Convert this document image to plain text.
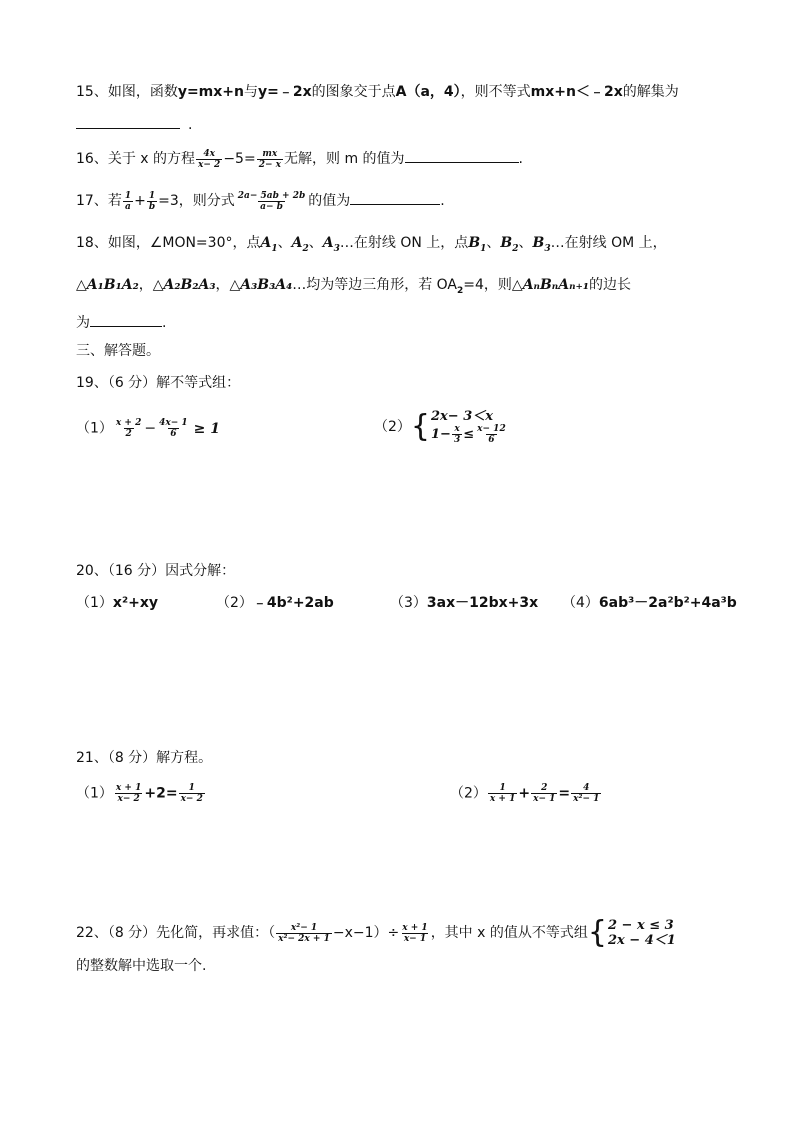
15、如图，函数y=mx+n与y=﹣2x的图象交于点A（a，4），则不等式mx+n＜﹣2x的解集为
.
16、关于 x 的方程 $\frac{4x}{x- 2} -5= \frac{mx}{2- x}$ 无解，则 m 的值为	.
17、若 $\frac{1}{a} + \frac{1}{b} =3$，则分式 $\frac{2a- 5ab + 2b}{a- b}$ 的值为	.
18、如图，∠MON=30°，点$A_1$、$A_2$、$A_3\dots$在射线 ON 上，点$B_1$、$B_2$、$B_3\dots$在射线 OM 上，
△A₁B₁A₂，△A₂B₂A₃，△A₃B₃A₄…均为等边三角形，若 $OA_2=4$，则△AₙBₙAₙ₊₁的边长
为	.
三、解答题。
19、（6 分）解不等式组：
$(1) \frac{x + 2}{2} - \frac{4x- 1}{6} \ge 1$	（2）{ 2x− 3＜x
$1- \frac{x}{3} \le \frac{x- 12}{6}$
20、（16 分）因式分解：
（1）x²+xy	（2）﹣4b²+2ab	（3）3ax－12bx+3x （4）6ab³－2a²b²+4a³b
21、（8 分）解方程。
$(1) \frac{x + 1}{x- 2} +2= \frac{1}{x- 2}$	$(2) \frac{1}{x + 1} + \frac{2}{x- 1} = \frac{4}{\text{x²− 1}}$
22、（8 分）先化简，再求值：（ $\frac{\text{x²− 1}}{\text{x²− 2x + 1}} -x-1)\div \frac{x + 1}{x- 1}$ ，其中 x 的值从不等式组{ 2 − x ≤ 3
2x − 4＜1
的整数解中选取一个.
